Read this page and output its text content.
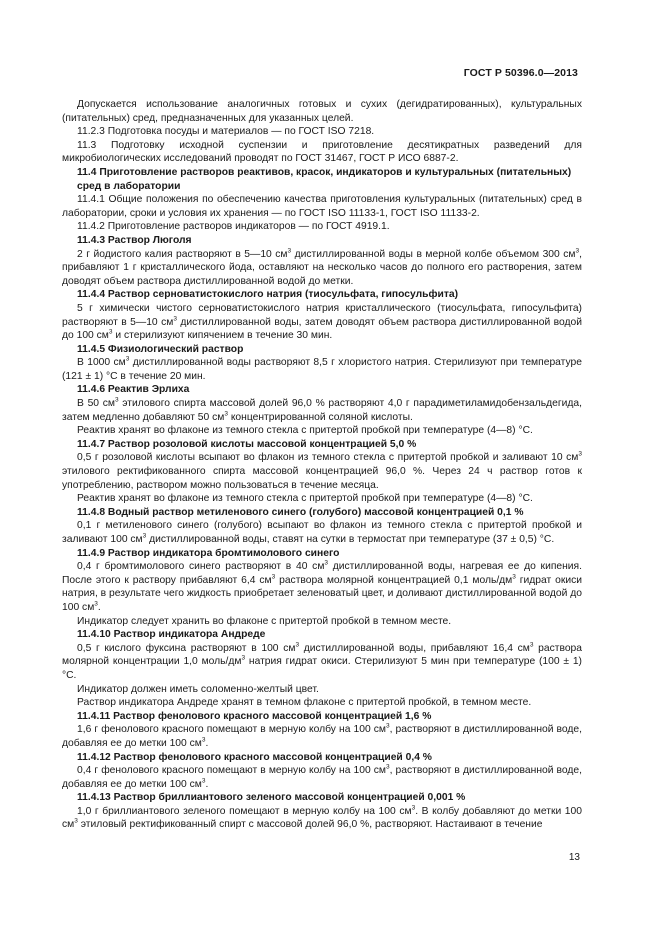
ГОСТ Р 50396.0—2013

Допускается использование аналогичных готовых и сухих (дегидратированных), культуральных (питательных) сред, предназначенных для указанных целей.

11.2.3 Подготовка посуды и материалов — по ГОСТ ISO 7218.

11.3 Подготовку исходной суспензии и приготовление десятикратных разведений для микробиологических исследований проводят по ГОСТ 31467, ГОСТ Р ИСО 6887-2.

11.4 Приготовление растворов реактивов, красок, индикаторов и культуральных (питательных) сред в лаборатории

11.4.1 Общие положения по обеспечению качества приготовления культуральных (питательных) сред в лаборатории, сроки и условия их хранения — по ГОСТ ISO 11133-1, ГОСТ ISO 11133-2.

11.4.2 Приготовление растворов индикаторов — по ГОСТ 4919.1.

11.4.3 Раствор Люголя

2 г йодистого калия растворяют в 5—10 $см^3$ дистиллированной воды в мерной колбе объемом 300 $см^3$, прибавляют 1 г кристаллического йода, оставляют на несколько часов до полного его растворения, затем доводят объем раствора дистиллированной водой до метки.

11.4.4 Раствор серноватистокислого натрия (тиосульфата, гипосульфита)

5 г химически чистого серноватистокислого натрия кристаллического (тиосульфата, гипосульфита) растворяют в 5—10 $см^3$ дистиллированной воды, затем доводят объем раствора дистиллированной водой до 100 $см^3$ и стерилизуют кипячением в течение 30 мин.

11.4.5 Физиологический раствор

В 1000 $см^3$ дистиллированной воды растворяют 8,5 г хлористого натрия. Стерилизуют при температуре (121 ± 1) °С в течение 20 мин.

11.4.6 Реактив Эрлиха

В 50 $см^3$ этилового спирта массовой долей 96,0 % растворяют 4,0 г парадиметиламидобензальдегида, затем медленно добавляют 50 $см^3$ концентрированной соляной кислоты.

Реактив хранят во флаконе из темного стекла с притертой пробкой при температуре (4—8) °С.

11.4.7 Раствор розоловой кислоты массовой концентрацией 5,0 %

0,5 г розоловой кислоты всыпают во флакон из темного стекла с притертой пробкой и заливают 10 $см^3$ этилового ректификованного спирта массовой концентрацией 96,0 %. Через 24 ч раствор готов к употреблению, раствором можно пользоваться в течение месяца.

Реактив хранят во флаконе из темного стекла с притертой пробкой при температуре (4—8) °С.

11.4.8 Водный раствор метиленового синего (голубого) массовой концентрацией 0,1 %

0,1 г метиленового синего (голубого) всыпают во флакон из темного стекла с притертой пробкой и заливают 100 $см^3$ дистиллированной воды, ставят на сутки в термостат при температуре (37 ± 0,5) °С.

11.4.9 Раствор индикатора бромтимолового синего

0,4 г бромтимолового синего растворяют в 40 $см^3$ дистиллированной воды, нагревая ее до кипения. После этого к раствору прибавляют 6,4 $см^3$ раствора молярной концентрацией 0,1 моль/$дм^3$ гидрат окиси натрия, в результате чего жидкость приобретает зеленоватый цвет, и доливают дистиллированной водой до 100 $см^3$.

Индикатор следует хранить во флаконе с притертой пробкой в темном месте.

11.4.10 Раствор индикатора Андреде

0,5 г кислого фуксина растворяют в 100 $см^3$ дистиллированной воды, прибавляют 16,4 $см^3$ раствора молярной концентрации 1,0 моль/$дм^3$ натрия гидрат окиси. Стерилизуют 5 мин при температуре (100 ± 1) °С.

Индикатор должен иметь соломенно-желтый цвет.

Раствор индикатора Андреде хранят в темном флаконе с притертой пробкой, в темном месте.

11.4.11 Раствор фенолового красного массовой концентрацией 1,6 %

1,6 г фенолового красного помещают в мерную колбу на 100 $см^3$, растворяют в дистиллированной воде, добавляя ее до метки 100 $см^3$.

11.4.12 Раствор фенолового красного массовой концентрацией 0,4 %

0,4 г фенолового красного помещают в мерную колбу на 100 $см^3$, растворяют в дистиллированной воде, добавляя ее до метки 100 $см^3$.

11.4.13 Раствор бриллиантового зеленого массовой концентрацией 0,001 %

1,0 г бриллиантового зеленого помещают в мерную колбу на 100 $см^3$. В колбу добавляют до метки 100 $см^3$ этиловый ректификованный спирт с массовой долей 96,0 %, растворяют. Настаивают в течение

13
